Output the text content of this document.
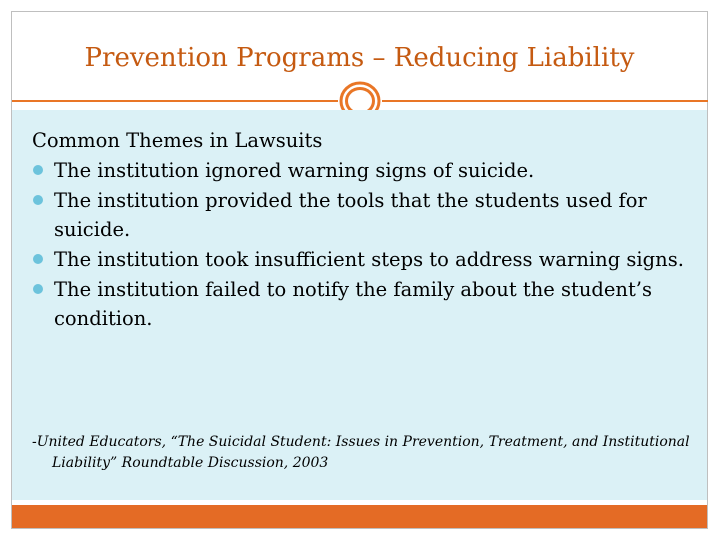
Prevention Programs – Reducing Liability

Common Themes in Lawsuits

The institution ignored warning signs of suicide.
The institution provided the tools that the students used for suicide.
The institution took insufficient steps to address warning signs.
The institution failed to notify the family about the student’s condition.
-United Educators, “The Suicidal Student: Issues in Prevention, Treatment, and Institutional Liability” Roundtable Discussion, 2003
